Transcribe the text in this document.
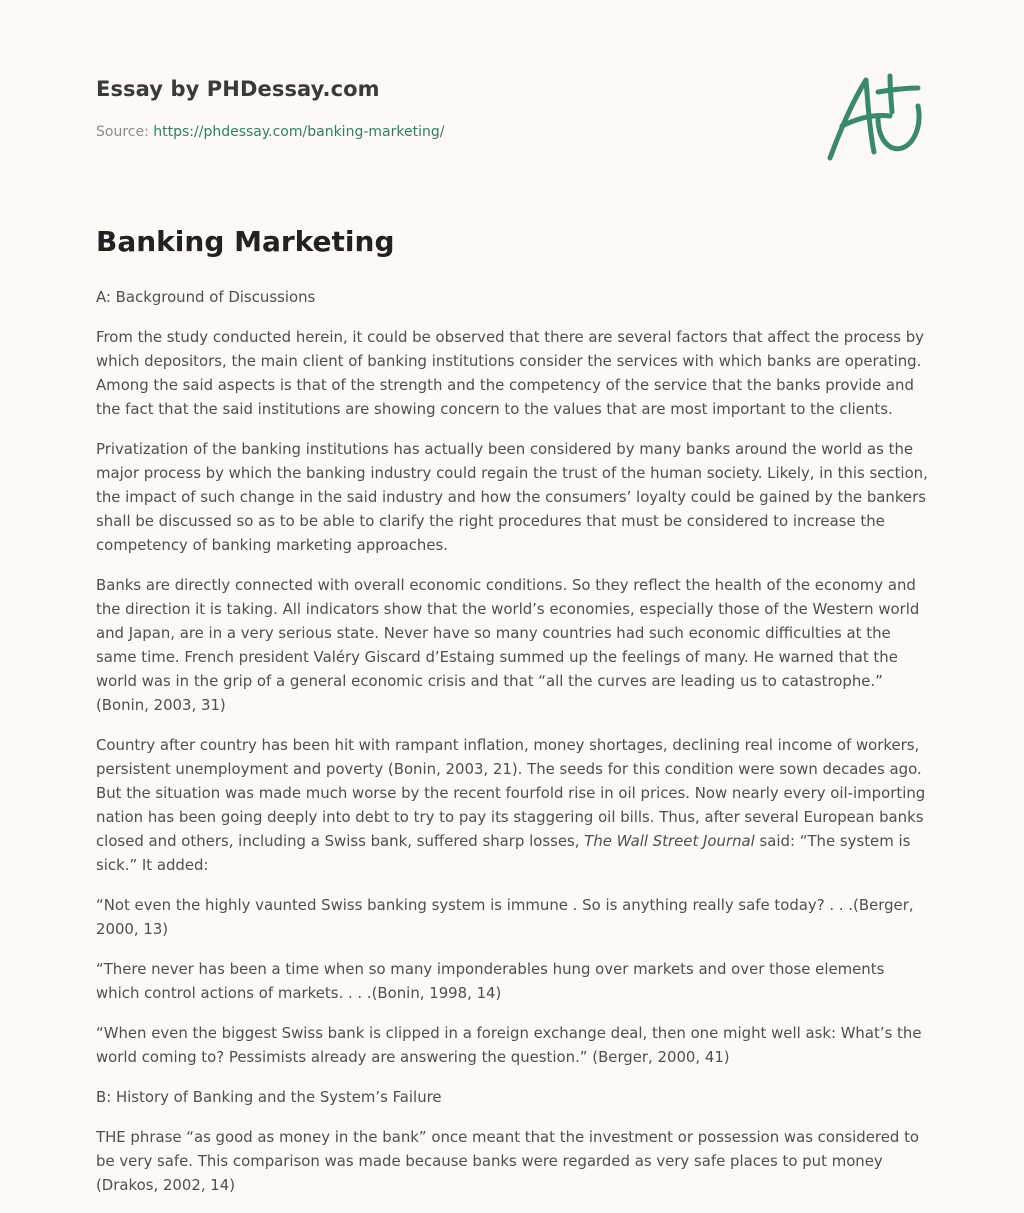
Essay by PHDessay.com

Source: https://phdessay.com/banking-marketing/

Banking Marketing

A: Background of Discussions

From the study conducted herein, it could be observed that there are several factors that affect the process by which depositors, the main client of banking institutions consider the services with which banks are operating. Among the said aspects is that of the strength and the competency of the service that the banks provide and the fact that the said institutions are showing concern to the values that are most important to the clients.

Privatization of the banking institutions has actually been considered by many banks around the world as the major process by which the banking industry could regain the trust of the human society. Likely, in this section, the impact of such change in the said industry and how the consumers’ loyalty could be gained by the bankers shall be discussed so as to be able to clarify the right procedures that must be considered to increase the competency of banking marketing approaches.

Banks are directly connected with overall economic conditions. So they reflect the health of the economy and the direction it is taking. All indicators show that the world’s economies, especially those of the Western world and Japan, are in a very serious state. Never have so many countries had such economic difficulties at the same time. French president Valéry Giscard d’Estaing summed up the feelings of many. He warned that the world was in the grip of a general economic crisis and that “all the curves are leading us to catastrophe.” (Bonin, 2003, 31)

Country after country has been hit with rampant inflation, money shortages, declining real income of workers, persistent unemployment and poverty (Bonin, 2003, 21). The seeds for this condition were sown decades ago. But the situation was made much worse by the recent fourfold rise in oil prices. Now nearly every oil-importing nation has been going deeply into debt to try to pay its staggering oil bills. Thus, after several European banks closed and others, including a Swiss bank, suffered sharp losses, The Wall Street Journal said: “The system is sick.” It added:

“Not even the highly vaunted Swiss banking system is immune . So is anything really safe today? . . .(Berger, 2000, 13)

“There never has been a time when so many imponderables hung over markets and over those elements which control actions of markets. . . .(Bonin, 1998, 14)

“When even the biggest Swiss bank is clipped in a foreign exchange deal, then one might well ask: What’s the world coming to? Pessimists already are answering the question.” (Berger, 2000, 41)

B: History of Banking and the System’s Failure

THE phrase “as good as money in the bank” once meant that the investment or possession was considered to be very safe. This comparison was made because banks were regarded as very safe places to put money (Drakos, 2002, 14)
